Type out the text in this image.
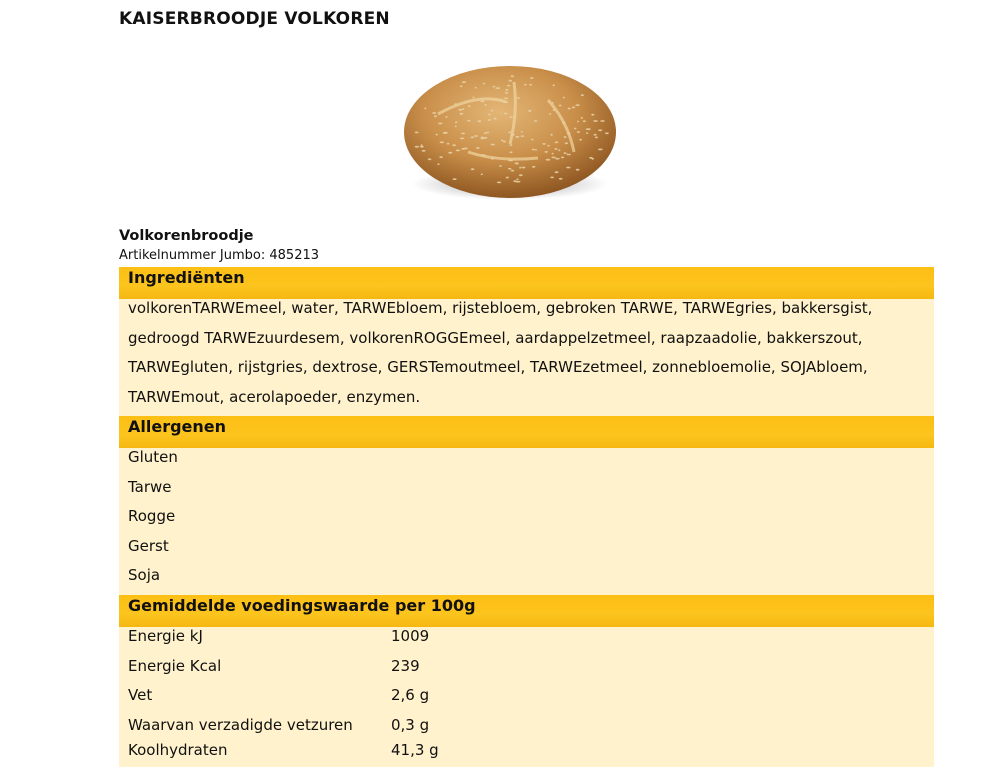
KAISERBROODJE VOLKOREN
Volkorenbroodje
Artikelnummer Jumbo: 485213
Ingrediënten
volkorenTARWEmeel, water, TARWEbloem, rijstebloem, gebroken TARWE, TARWEgries, bakkersgist,
gedroogd TARWEzuurdesem, volkorenROGGEmeel, aardappelzetmeel, raapzaadolie, bakkerszout,
TARWEgluten, rijstgries, dextrose, GERSTemoutmeel, TARWEzetmeel, zonnebloemolie, SOJAbloem,
TARWEmout, acerolapoeder, enzymen.
Allergenen
Gluten
Tarwe
Rogge
Gerst
Soja
Gemiddelde voedingswaarde per 100g
Energie kJ	1009
Energie Kcal	239
Vet	2,6 g
Waarvan verzadigde vetzuren	0,3 g
Koolhydraten	41,3 g
